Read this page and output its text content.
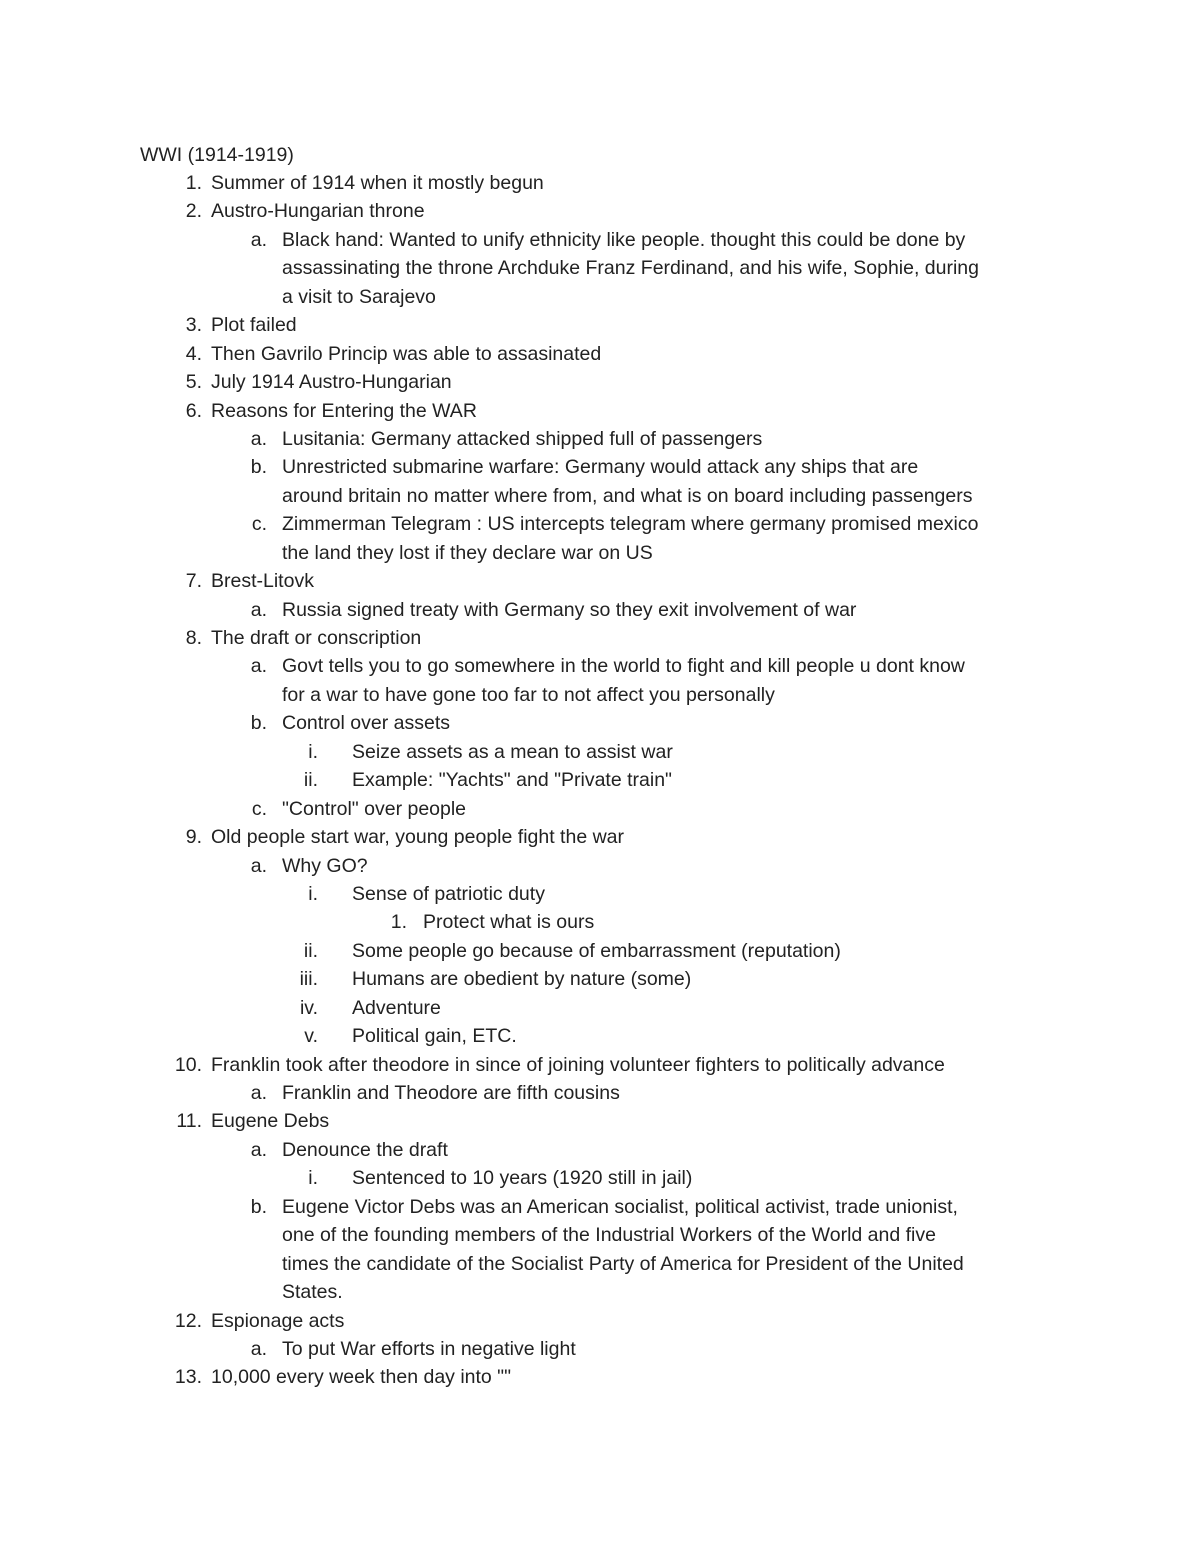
WWI (1914-1919)
1. Summer of 1914 when it mostly begun
2. Austro-Hungarian throne
a. Black hand: Wanted to unify ethnicity like people. thought this could be done by
assassinating the throne Archduke Franz Ferdinand, and his wife, Sophie, during
a visit to Sarajevo
3. Plot failed
4. Then Gavrilo Princip was able to assasinated
5. July 1914 Austro-Hungarian
6. Reasons for Entering the WAR
a. Lusitania: Germany attacked shipped full of passengers
b. Unrestricted submarine warfare: Germany would attack any ships that are
around britain no matter where from, and what is on board including passengers
c. Zimmerman Telegram : US intercepts telegram where germany promised mexico
the land they lost if they declare war on US
7. Brest-Litovk
a. Russia signed treaty with Germany so they exit involvement of war
8. The draft or conscription
a. Govt tells you to go somewhere in the world to fight and kill people u dont know
for a war to have gone too far to not affect you personally
b. Control over assets
i. Seize assets as a mean to assist war
ii. Example: "Yachts" and "Private train"
c. "Control" over people
9. Old people start war, young people fight the war
a. Why GO?
i. Sense of patriotic duty
1. Protect what is ours
ii. Some people go because of embarrassment (reputation)
iii. Humans are obedient by nature (some)
iv. Adventure
v. Political gain, ETC.
10. Franklin took after theodore in since of joining volunteer fighters to politically advance
a. Franklin and Theodore are fifth cousins
11. Eugene Debs
a. Denounce the draft
i. Sentenced to 10 years (1920 still in jail)
b. Eugene Victor Debs was an American socialist, political activist, trade unionist,
one of the founding members of the Industrial Workers of the World and five
times the candidate of the Socialist Party of America for President of the United
States.
12. Espionage acts
a. To put War efforts in negative light
13. 10,000 every week then day into ""
